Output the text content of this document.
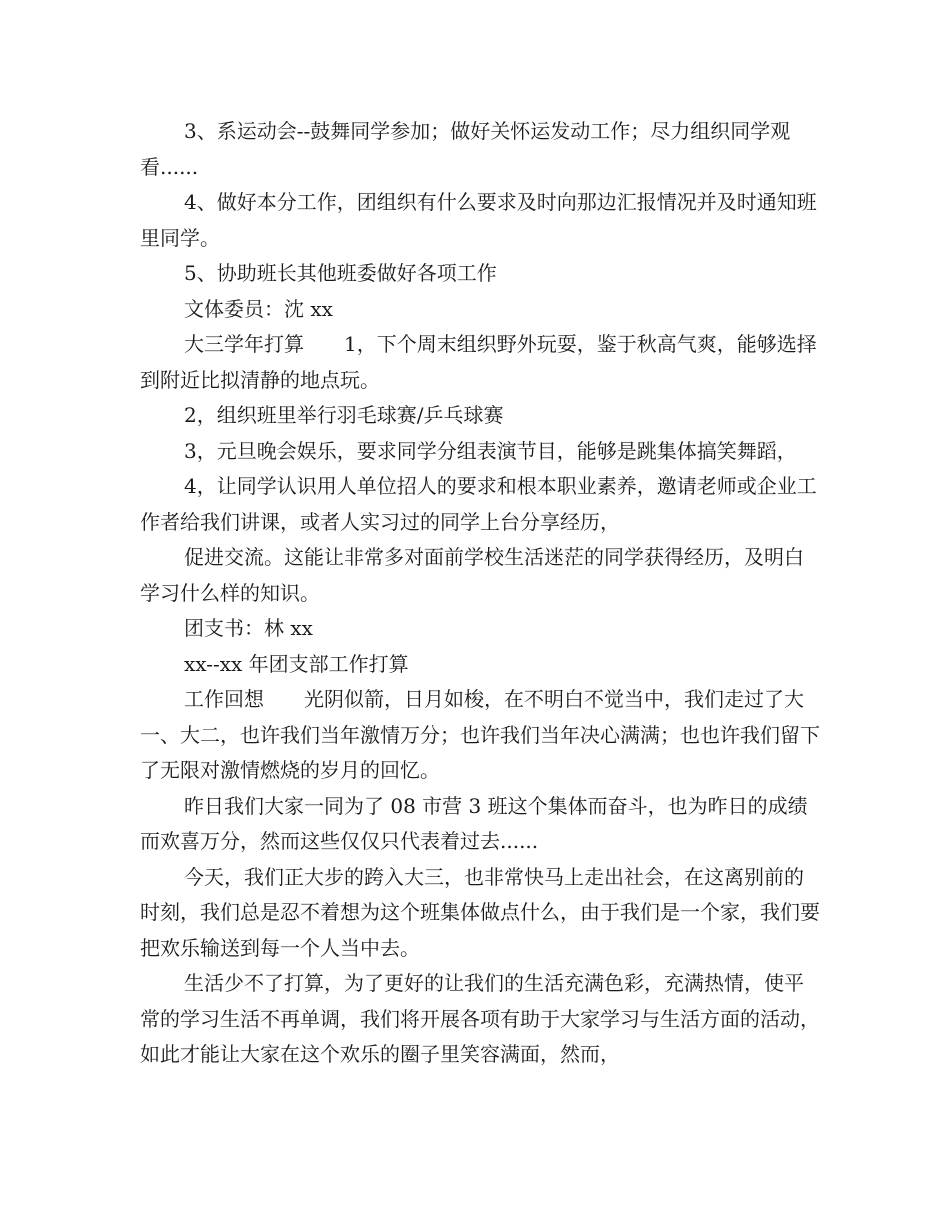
3、系运动会--鼓舞同学参加；做好关怀运发动工作；尽力组织同学观看......

4、做好本分工作，团组织有什么要求及时向那边汇报情况并及时通知班里同学。

5、协助班长其他班委做好各项工作

文体委员：沈 xx

大三学年打算　　1，下个周末组织野外玩耍，鉴于秋高气爽，能够选择到附近比拟清静的地点玩。

2，组织班里举行羽毛球赛/乒乓球赛

3，元旦晚会娱乐，要求同学分组表演节目，能够是跳集体搞笑舞蹈，

4，让同学认识用人单位招人的要求和根本职业素养，邀请老师或企业工作者给我们讲课，或者人实习过的同学上台分享经历，

促进交流。这能让非常多对面前学校生活迷茫的同学获得经历，及明白学习什么样的知识。

团支书：林 xx

xx--xx 年团支部工作打算

工作回想　　光阴似箭，日月如梭，在不明白不觉当中，我们走过了大一、大二，也许我们当年激情万分；也许我们当年决心满满；也也许我们留下了无限对激情燃烧的岁月的回忆。

昨日我们大家一同为了 08 市营 3 班这个集体而奋斗，也为昨日的成绩而欢喜万分，然而这些仅仅只代表着过去......

今天，我们正大步的跨入大三，也非常快马上走出社会，在这离别前的时刻，我们总是忍不着想为这个班集体做点什么，由于我们是一个家，我们要把欢乐输送到每一个人当中去。

生活少不了打算，为了更好的让我们的生活充满色彩，充满热情，使平常的学习生活不再单调，我们将开展各项有助于大家学习与生活方面的活动，如此才能让大家在这个欢乐的圈子里笑容满面，然而，
